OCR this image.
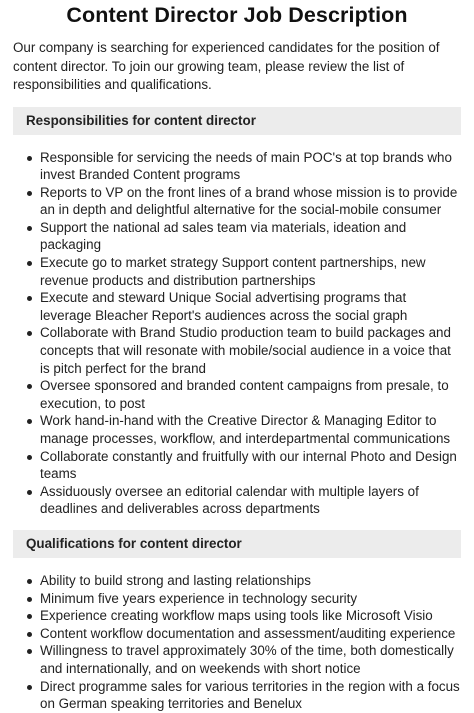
Content Director Job Description

Our company is searching for experienced candidates for the position of content director. To join our growing team, please review the list of responsibilities and qualifications.

Responsibilities for content director
Responsible for servicing the needs of main POC's at top brands who invest Branded Content programs
Reports to VP on the front lines of a brand whose mission is to provide an in depth and delightful alternative for the social-mobile consumer
Support the national ad sales team via materials, ideation and packaging
Execute go to market strategy Support content partnerships, new revenue products and distribution partnerships
Execute and steward Unique Social advertising programs that leverage Bleacher Report's audiences across the social graph
Collaborate with Brand Studio production team to build packages and concepts that will resonate with mobile/social audience in a voice that is pitch perfect for the brand
Oversee sponsored and branded content campaigns from presale, to execution, to post
Work hand-in-hand with the Creative Director & Managing Editor to manage processes, workflow, and interdepartmental communications
Collaborate constantly and fruitfully with our internal Photo and Design teams
Assiduously oversee an editorial calendar with multiple layers of deadlines and deliverables across departments
Qualifications for content director
Ability to build strong and lasting relationships
Minimum five years experience in technology security
Experience creating workflow maps using tools like Microsoft Visio
Content workflow documentation and assessment/auditing experience
Willingness to travel approximately 30% of the time, both domestically and internationally, and on weekends with short notice
Direct programme sales for various territories in the region with a focus on German speaking territories and Benelux
